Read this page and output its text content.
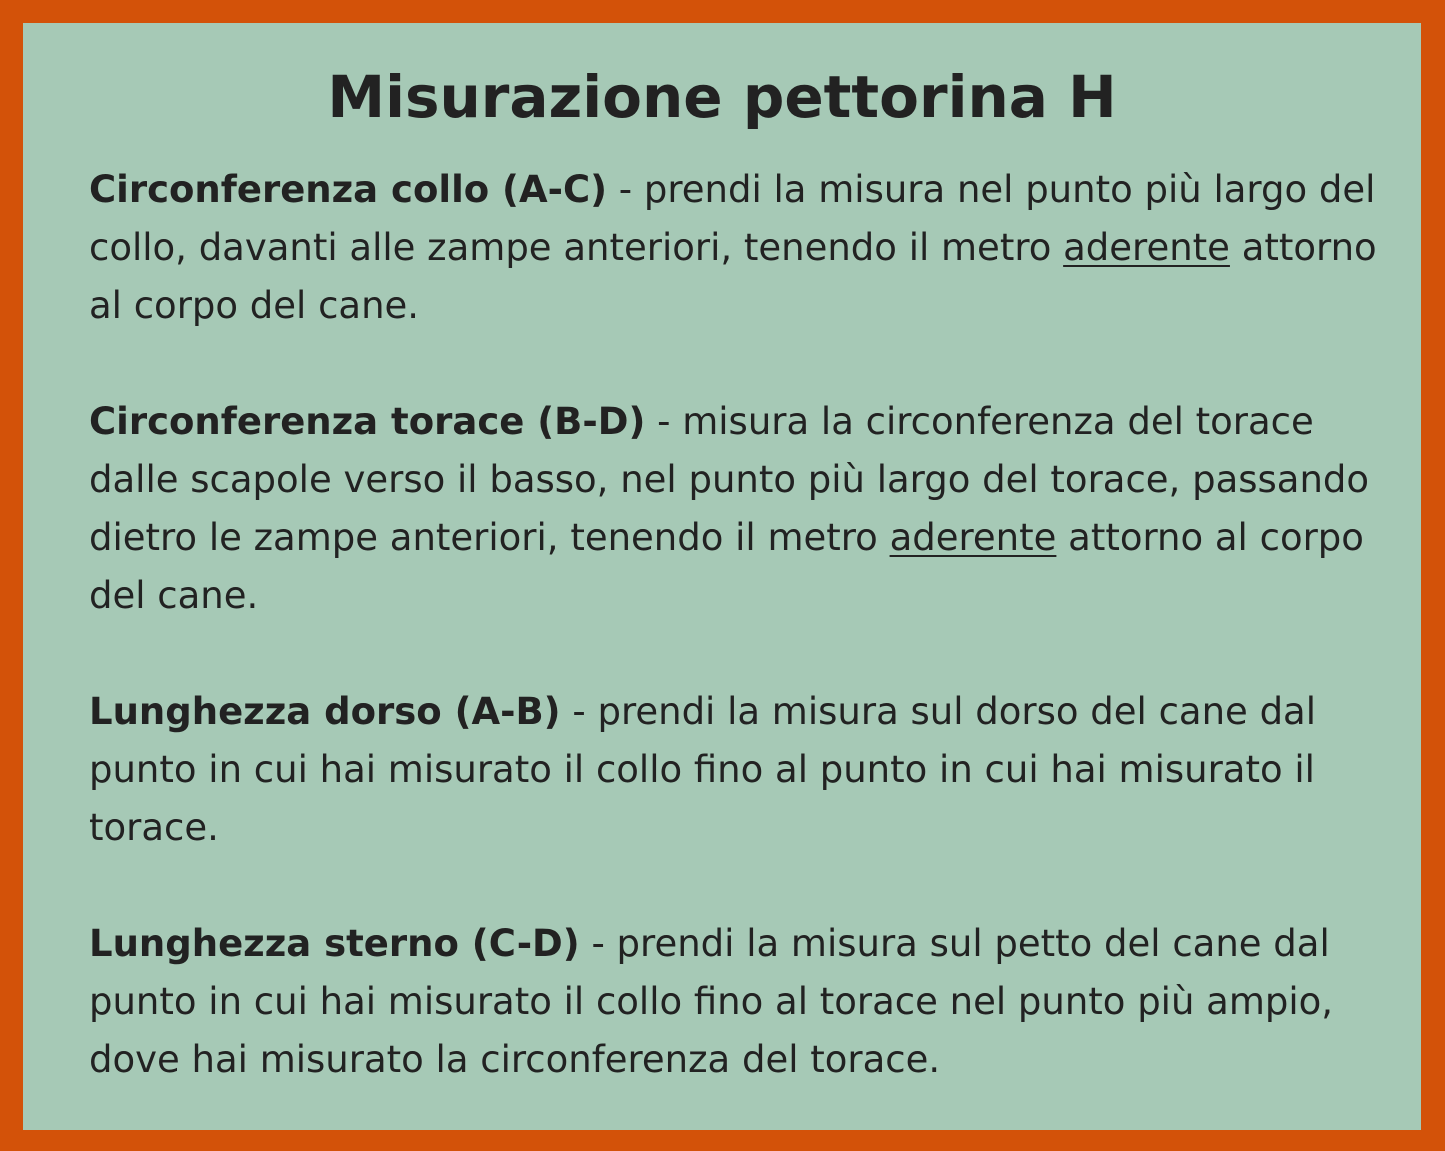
Misurazione pettorina H

Circonferenza collo (A-C) - prendi la misura nel punto più largo del collo, davanti alle zampe anteriori, tenendo il metro aderente attorno al corpo del cane.

Circonferenza torace (B-D) - misura la circonferenza del torace dalle scapole verso il basso, nel punto più largo del torace, passando dietro le zampe anteriori, tenendo il metro aderente attorno al corpo del cane.

Lunghezza dorso (A-B) - prendi la misura sul dorso del cane dal punto in cui hai misurato il collo fino al punto in cui hai misurato il torace.

Lunghezza sterno (C-D) - prendi la misura sul petto del cane dal punto in cui hai misurato il collo fino al torace nel punto più ampio, dove hai misurato la circonferenza del torace.
